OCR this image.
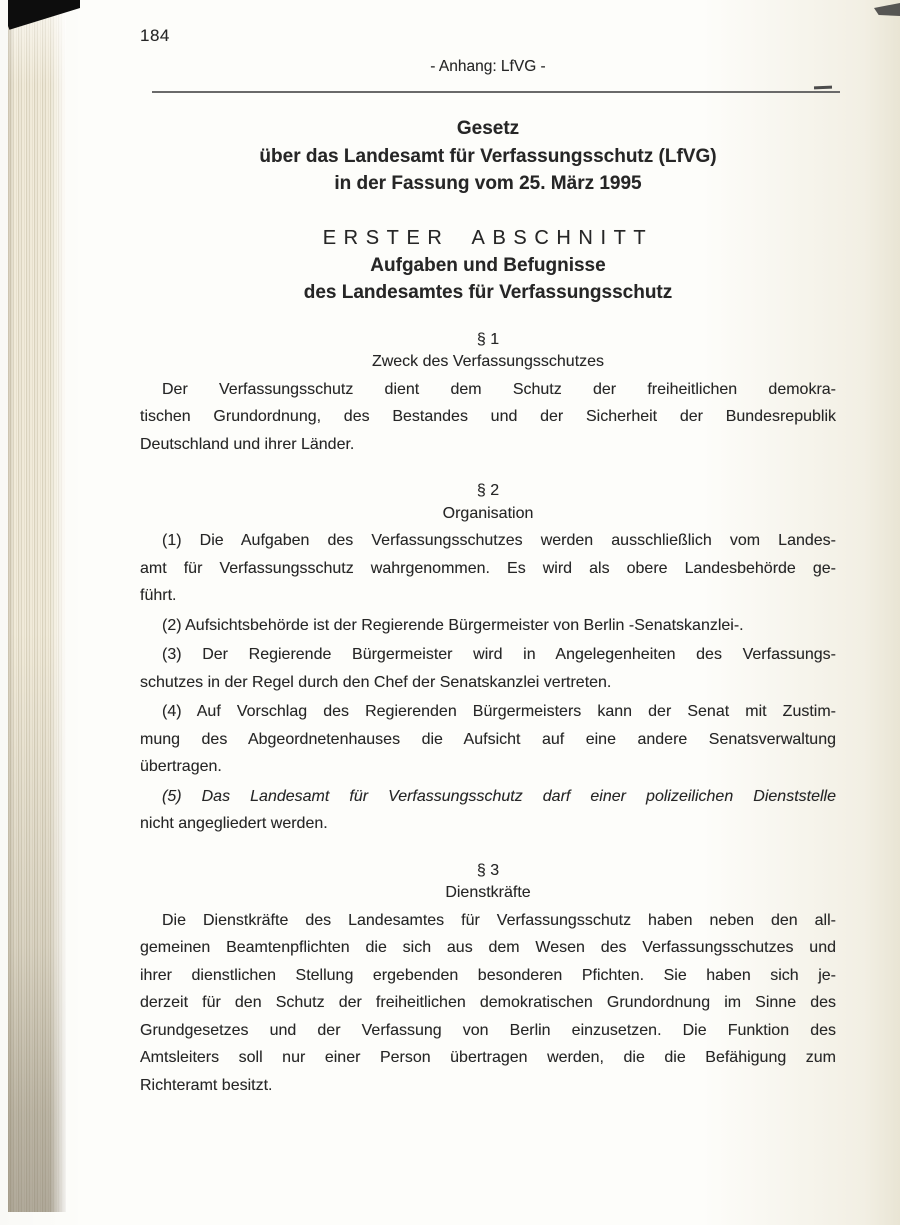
184
- Anhang: LfVG -
Gesetz
über das Landesamt für Verfassungsschutz (LfVG)
in der Fassung vom 25. März 1995
ERSTER ABSCHNITT
Aufgaben und Befugnisse
des Landesamtes für Verfassungsschutz
§ 1
Zweck des Verfassungsschutzes
Der Verfassungsschutz dient dem Schutz der freiheitlichen demokra-
tischen Grundordnung, des Bestandes und der Sicherheit der Bundesrepublik
Deutschland und ihrer Länder.
§ 2
Organisation
(1) Die Aufgaben des Verfassungsschutzes werden ausschließlich vom Landes-
amt für Verfassungsschutz wahrgenommen. Es wird als obere Landesbehörde ge-
führt.
(2) Aufsichtsbehörde ist der Regierende Bürgermeister von Berlin -Senatskanzlei-.
(3) Der Regierende Bürgermeister wird in Angelegenheiten des Verfassungs-
schutzes in der Regel durch den Chef der Senatskanzlei vertreten.
(4) Auf Vorschlag des Regierenden Bürgermeisters kann der Senat mit Zustim-
mung des Abgeordnetenhauses die Aufsicht auf eine andere Senatsverwaltung
übertragen.
(5) Das Landesamt für Verfassungsschutz darf einer polizeilichen Dienststelle
nicht angegliedert werden.
§ 3
Dienstkräfte
Die Dienstkräfte des Landesamtes für Verfassungsschutz haben neben den all-
gemeinen Beamtenpflichten die sich aus dem Wesen des Verfassungsschutzes und
ihrer dienstlichen Stellung ergebenden besonderen Pfichten. Sie haben sich je-
derzeit für den Schutz der freiheitlichen demokratischen Grundordnung im Sinne des
Grundgesetzes und der Verfassung von Berlin einzusetzen. Die Funktion des
Amtsleiters soll nur einer Person übertragen werden, die die Befähigung zum
Richteramt besitzt.
